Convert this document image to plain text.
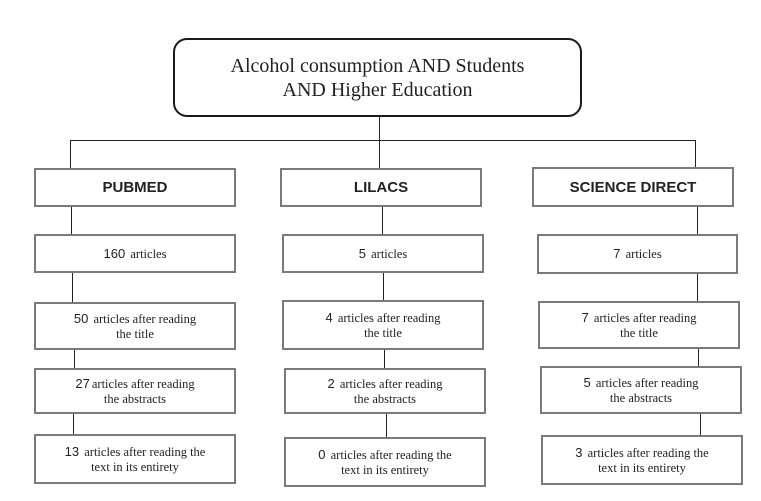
Alcohol consumption AND Students
AND Higher Education
PUBMED
160 articles
50 articles after reading
the title
27 articles after reading
the abstracts
13 articles after reading the
text in its entirety
LILACS
5 articles
4 articles after reading
the title
2 articles after reading
the abstracts
0 articles after reading the
text in its entirety
SCIENCE DIRECT
7 articles
7 articles after reading
the title
5 articles after reading
the abstracts
3 articles after reading the
text in its entirety
